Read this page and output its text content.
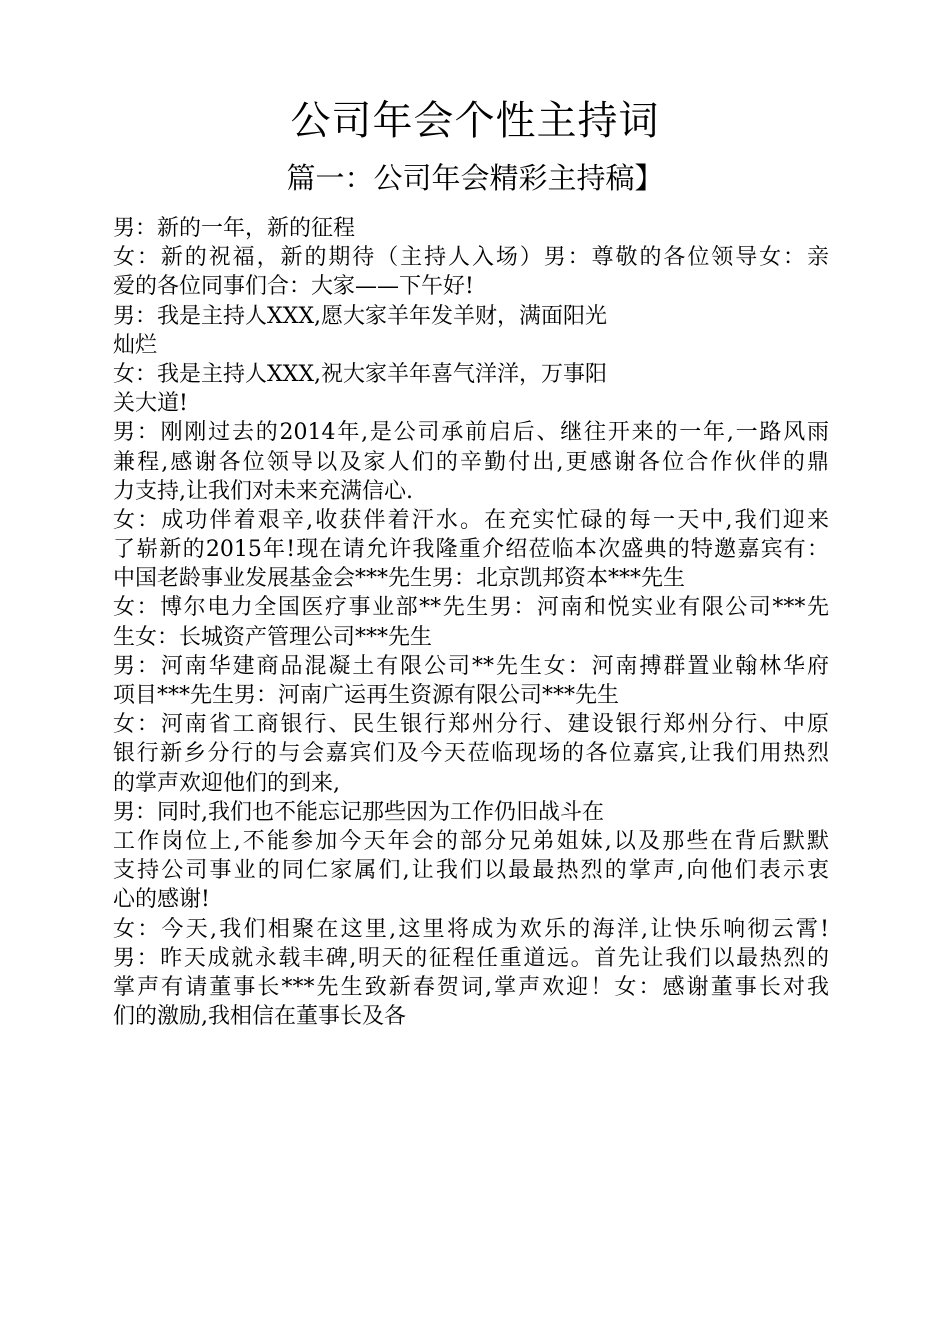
公司年会个性主持词
篇一：公司年会精彩主持稿】
男：新的一年，新的征程
女：新的祝福，新的期待（主持人入场）男：尊敬的各位领导女：亲
爱的各位同事们合：大家——下午好!
男：我是主持人XXX,愿大家羊年发羊财，满面阳光
灿烂
女：我是主持人XXX,祝大家羊年喜气洋洋，万事阳
关大道!
男：刚刚过去的2014年,是公司承前启后、继往开来的一年,一路风雨
兼程,感谢各位领导以及家人们的辛勤付出,更感谢各位合作伙伴的鼎
力支持,让我们对未来充满信心.
女：成功伴着艰辛,收获伴着汗水。在充实忙碌的每一天中,我们迎来
了崭新的2015年!现在请允许我隆重介绍莅临本次盛典的特邀嘉宾有：
中国老龄事业发展基金会***先生男：北京凯邦资本***先生
女：博尔电力全国医疗事业部**先生男：河南和悦实业有限公司***先
生女：长城资产管理公司***先生
男：河南华建商品混凝土有限公司**先生女：河南搏群置业翰林华府
项目***先生男：河南广运再生资源有限公司***先生
女：河南省工商银行、民生银行郑州分行、建设银行郑州分行、中原
银行新乡分行的与会嘉宾们及今天莅临现场的各位嘉宾,让我们用热烈
的掌声欢迎他们的到来,
男：同时,我们也不能忘记那些因为工作仍旧战斗在
工作岗位上,不能参加今天年会的部分兄弟姐妹,以及那些在背后默默
支持公司事业的同仁家属们,让我们以最最热烈的掌声,向他们表示衷
心的感谢!
女：今天,我们相聚在这里,这里将成为欢乐的海洋,让快乐响彻云霄!
男：昨天成就永载丰碑,明天的征程任重道远。首先让我们以最热烈的
掌声有请董事长***先生致新春贺词,掌声欢迎！女：感谢董事长对我
们的激励,我相信在董事长及各
